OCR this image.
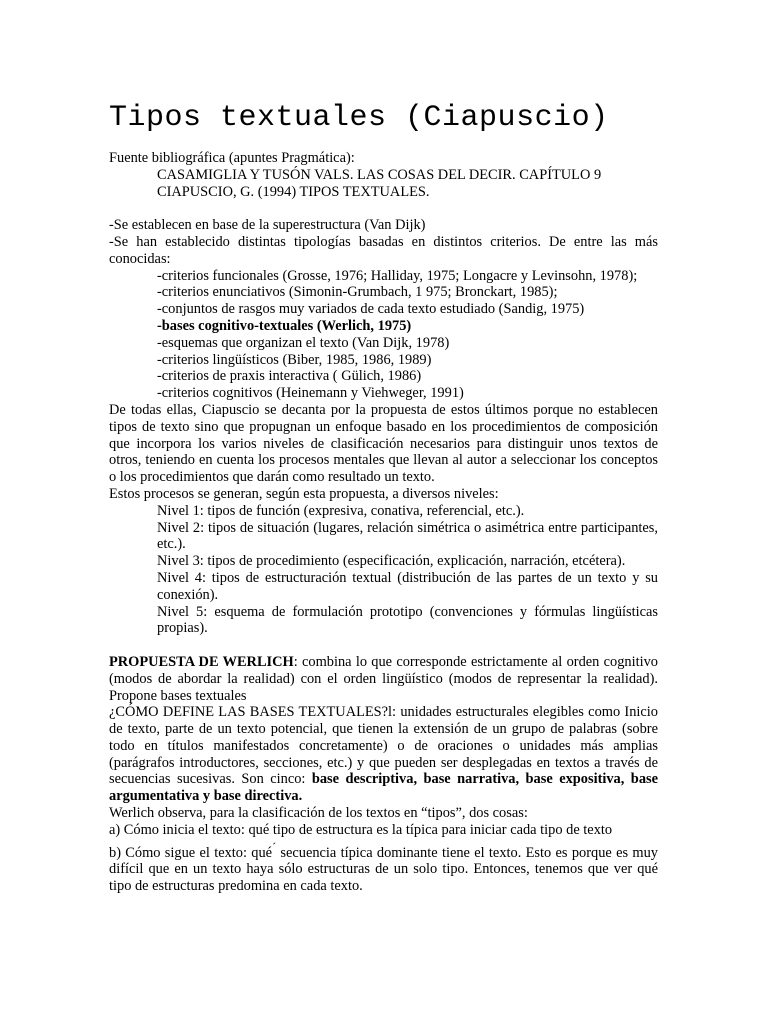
Tipos textuales (Ciapuscio)

Fuente bibliográfica (apuntes Pragmática):

CASAMIGLIA Y TUSÓN VALS. LAS COSAS DEL DECIR. CAPÍTULO 9

CIAPUSCIO, G. (1994) TIPOS TEXTUALES.

-Se establecen en base de la superestructura (Van Dijk)

-Se han establecido distintas tipologías basadas en distintos criterios. De entre las más conocidas:

-criterios funcionales (Grosse, 1976; Halliday, 1975; Longacre y Levinsohn, 1978);

-criterios enunciativos (Simonin-Grumbach, 1 975; Bronckart, 1985);

-conjuntos de rasgos muy variados de cada texto estudiado (Sandig, 1975)

-bases cognitivo-textuales (Werlich, 1975)

-esquemas que organizan el texto (Van Dijk, 1978)

-criterios lingüísticos (Biber, 1985, 1986, 1989)

-criterios de praxis interactiva ( Gülich, 1986)

-criterios cognitivos (Heinemann y Viehweger, 1991)

De todas ellas, Ciapuscio se decanta por la propuesta de estos últimos porque no establecen tipos de texto sino que propugnan un enfoque basado en los procedimientos de composición que incorpora los varios niveles de clasificación necesarios para distinguir unos textos de otros, teniendo en cuenta los procesos mentales que llevan al autor a seleccionar los conceptos o los procedimientos que darán como resultado un texto.

Estos procesos se generan, según esta propuesta, a diversos niveles:

Nivel 1: tipos de función (expresiva, conativa, referencial, etc.).

Nivel 2: tipos de situación (lugares, relación simétrica o asimétrica entre participantes, etc.).

Nivel 3: tipos de procedimiento (especificación, explicación, narración, etcétera).

Nivel 4: tipos de estructuración textual (distribución de las partes de un texto y su conexión).

Nivel 5: esquema de formulación prototipo (convenciones y fórmulas lingüísticas propias).

PROPUESTA DE WERLICH: combina lo que corresponde estrictamente al orden cognitivo (modos de abordar la realidad) con el orden lingüístico (modos de representar la realidad). Propone bases textuales

¿CÓMO DEFINE LAS BASES TEXTUALES?l: unidades estructurales elegibles como Inicio de texto, parte de un texto potencial, que tienen la extensión de un grupo de palabras (sobre todo en títulos manifestados concretamente) o de oraciones o unidades más amplias (parágrafos introductores, secciones, etc.) y que pueden ser desplegadas en textos a través de secuencias sucesivas. Son cinco: base descriptiva, base narrativa, base expositiva, base argumentativa y base directiva.

Werlich observa, para la clasificación de los textos en “tipos”, dos cosas:

a) Cómo inicia el texto: qué tipo de estructura es la típica para iniciar cada tipo de texto

b) Cómo sigue el texto: qué´ secuencia típica dominante tiene el texto. Esto es porque es muy difícil que en un texto haya sólo estructuras de un solo tipo. Entonces, tenemos que ver qué tipo de estructuras predomina en cada texto.
